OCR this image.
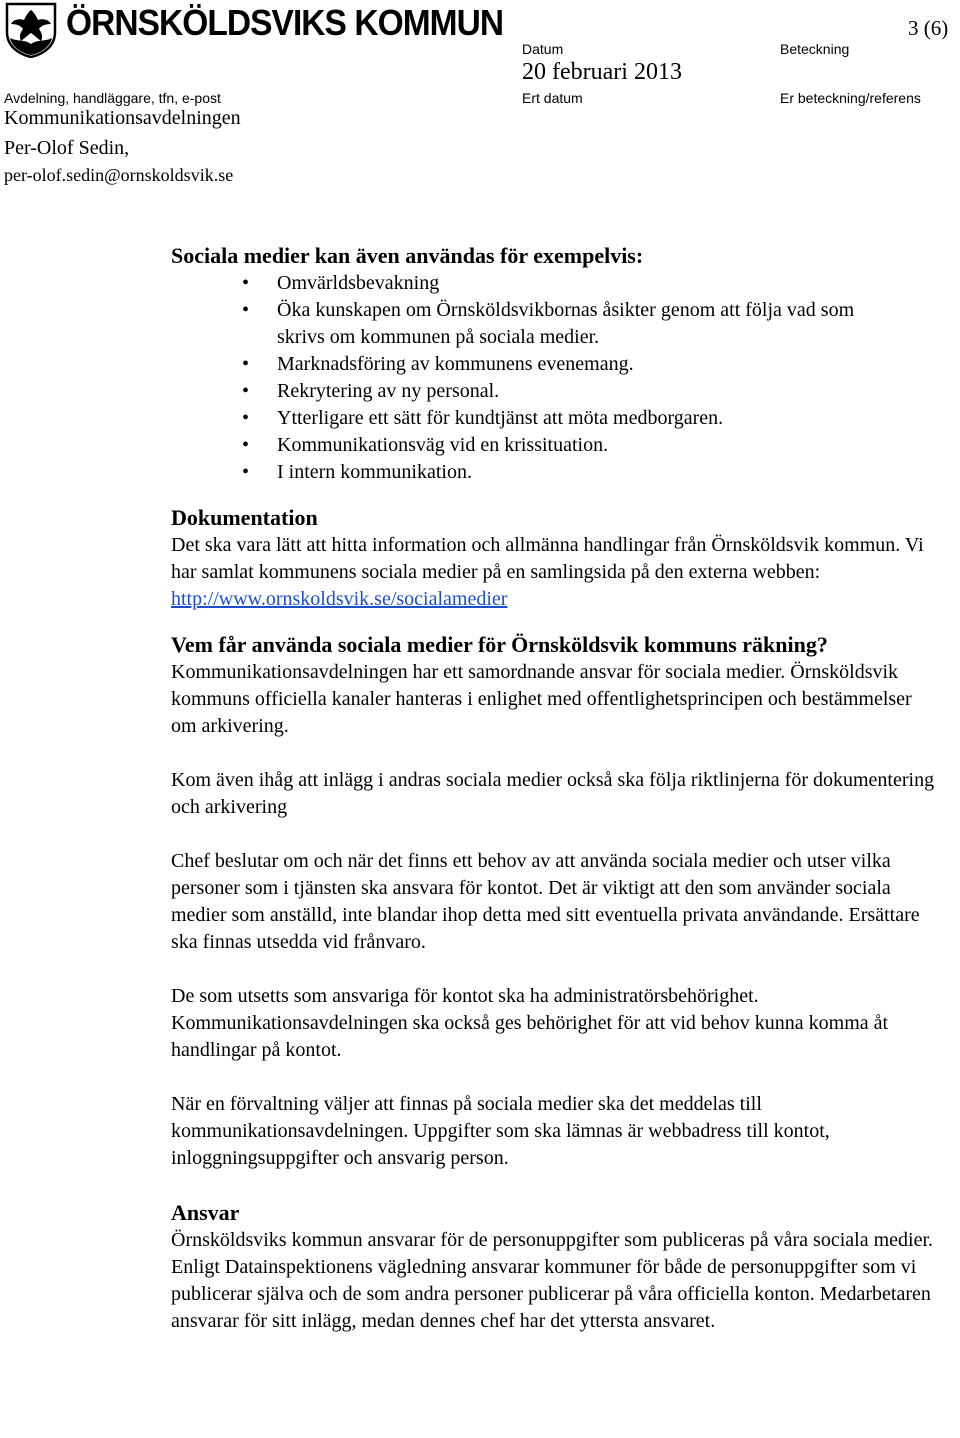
ÖRNSKÖLDSVIKS KOMMUN	3 (6)
Datum	Beteckning
20 februari 2013
Avdelning, handläggare, tfn, e-post	Ert datum	Er beteckning/referens
Kommunikationsavdelningen
Per-Olof Sedin,
per-olof.sedin@ornskoldsvik.se
Sociala medier kan även användas för exempelvis:
• Omvärldsbevakning
• Öka kunskapen om Örnsköldsvikbornas åsikter genom att följa vad som skrivs om kommunen på sociala medier.
• Marknadsföring av kommunens evenemang.
• Rekrytering av ny personal.
• Ytterligare ett sätt för kundtjänst att möta medborgaren.
• Kommunikationsväg vid en krissituation.
• I intern kommunikation.
Dokumentation

Det ska vara lätt att hitta information och allmänna handlingar från Örnsköldsvik kommun. Vi har samlat kommunens sociala medier på en samlingsida på den externa webben: http://www.ornskoldsvik.se/socialamedier

Vem får använda sociala medier för Örnsköldsvik kommuns räkning?

Kommunikationsavdelningen har ett samordnande ansvar för sociala medier. Örnsköldsvik kommuns officiella kanaler hanteras i enlighet med offentlighetsprincipen och bestämmelser om arkivering.

Kom även ihåg att inlägg i andras sociala medier också ska följa riktlinjerna för dokumentering och arkivering

Chef beslutar om och när det finns ett behov av att använda sociala medier och utser vilka personer som i tjänsten ska ansvara för kontot. Det är viktigt att den som använder sociala medier som anställd, inte blandar ihop detta med sitt eventuella privata användande. Ersättare ska finnas utsedda vid frånvaro.

De som utsetts som ansvariga för kontot ska ha administratörsbehörighet. Kommunikationsavdelningen ska också ges behörighet för att vid behov kunna komma åt handlingar på kontot.

När en förvaltning väljer att finnas på sociala medier ska det meddelas till kommunikationsavdelningen. Uppgifter som ska lämnas är webbadress till kontot, inloggningsuppgifter och ansvarig person.

Ansvar

Örnsköldsviks kommun ansvarar för de personuppgifter som publiceras på våra sociala medier. Enligt Datainspektionens vägledning ansvarar kommuner för både de personuppgifter som vi publicerar själva och de som andra personer publicerar på våra officiella konton. Medarbetaren ansvarar för sitt inlägg, medan dennes chef har det yttersta ansvaret.
